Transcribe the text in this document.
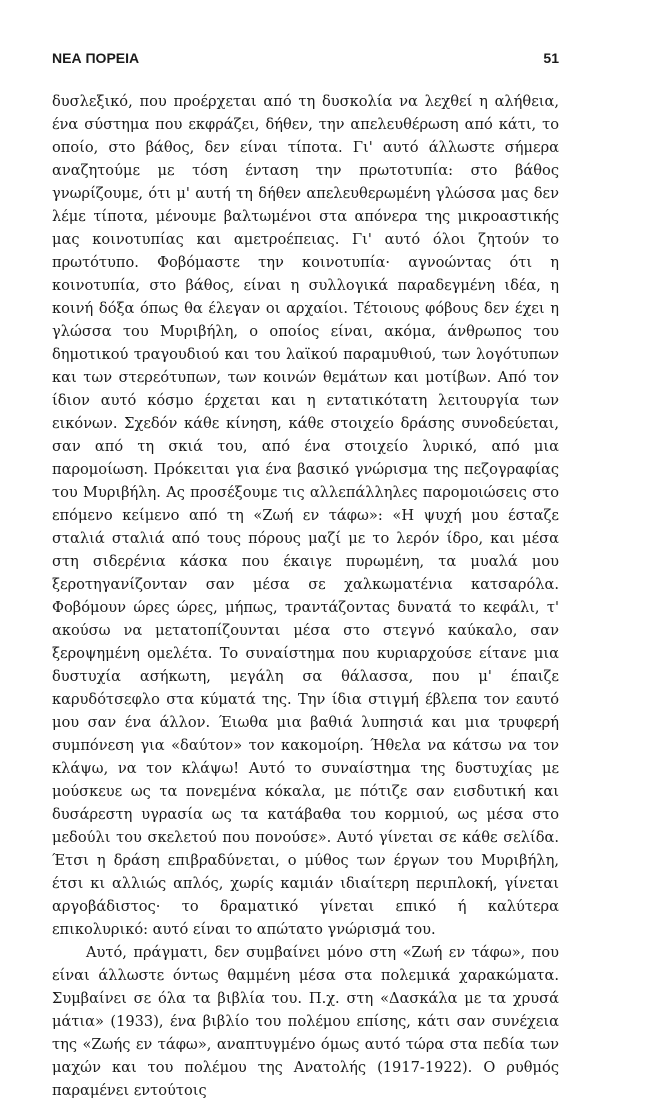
ΝΕΑ ΠΟΡΕΙΑ	51

δυσλεξικό, που προέρχεται από τη δυσκολία να λεχθεί η αλήθεια, ένα σύστημα που εκφράζει, δήθεν, την απελευθέρωση από κάτι, το οποίο, στο βάθος, δεν είναι τίποτα. Γι' αυτό άλλωστε σήμερα αναζητούμε με τόση ένταση την πρωτοτυπία: στο βάθος γνωρίζουμε, ότι μ' αυτή τη δήθεν απελευθερωμένη γλώσσα μας δεν λέμε τίποτα, μένουμε βαλτωμένοι στα απόνερα της μικροαστικής μας κοινοτυπίας και αμετροέπειας. Γι' αυτό όλοι ζητούν το πρωτότυπο. Φοβόμαστε την κοινοτυπία· αγνοώντας ότι η κοινοτυπία, στο βάθος, είναι η συλλογικά παραδεγμένη ιδέα, η κοινή δόξα όπως θα έλεγαν οι αρχαίοι. Τέτοιους φόβους δεν έχει η γλώσσα του Μυριβήλη, ο οποίος είναι, ακόμα, άνθρωπος του δημοτικού τραγουδιού και του λαϊκού παραμυθιού, των λογότυπων και των στερεότυπων, των κοινών θεμάτων και μοτίβων. Από τον ίδιον αυτό κόσμο έρχεται και η εντατικότατη λειτουργία των εικόνων. Σχεδόν κάθε κίνηση, κάθε στοιχείο δράσης συνοδεύεται, σαν από τη σκιά του, από ένα στοιχείο λυρικό, από μια παρομοίωση. Πρόκειται για ένα βασικό γνώρισμα της πεζογραφίας του Μυριβήλη. Ας προσέξουμε τις αλλεπάλληλες παρομοιώσεις στο επόμενο κείμενο από τη «Ζωή εν τάφω»: «Η ψυχή μου έσταζε σταλιά σταλιά από τους πόρους μαζί με το λερόν ίδρο, και μέσα στη σιδερένια κάσκα που έκαιγε πυρωμένη, τα μυαλά μου ξεροτηγανίζονταν σαν μέσα σε χαλκωματένια κατσαρόλα. Φοβόμουν ώρες ώρες, μήπως, τραντάζοντας δυνατά το κεφάλι, τ' ακούσω να μετατοπίζουνται μέσα στο στεγνό καύκαλο, σαν ξεροψημένη ομελέτα. Το συναίστημα που κυριαρχούσε είτανε μια δυστυχία ασήκωτη, μεγάλη σα θάλασσα, που μ' έπαιζε καρυδότσεφλο στα κύματά της. Την ίδια στιγμή έβλεπα τον εαυτό μου σαν ένα άλλον. Έιωθα μια βαθιά λυπησιά και μια τρυφερή συμπόνεση για «δαύτον» τον κακομοίρη. Ήθελα να κάτσω να τον κλάψω, να τον κλάψω! Αυτό το συναίστημα της δυστυχίας με μούσκευε ως τα πονεμένα κόκαλα, με πότιζε σαν εισδυτική και δυσάρεστη υγρασία ως τα κατάβαθα του κορμιού, ως μέσα στο μεδούλι του σκελετού που πονούσε». Αυτό γίνεται σε κάθε σελίδα. Έτσι η δράση επιβραδύνεται, ο μύθος των έργων του Μυριβήλη, έτσι κι αλλιώς απλός, χωρίς καμιάν ιδιαίτερη περιπλοκή, γίνεται αργοβάδιστος· το δραματικό γίνεται επικό ή καλύτερα επικολυρικό: αυτό είναι το απώτατο γνώρισμά του.

Αυτό, πράγματι, δεν συμβαίνει μόνο στη «Ζωή εν τάφω», που είναι άλλωστε όντως θαμμένη μέσα στα πολεμικά χαρακώματα. Συμβαίνει σε όλα τα βιβλία του. Π.χ. στη «Δασκάλα με τα χρυσά μάτια» (1933), ένα βιβλίο του πολέμου επίσης, κάτι σαν συνέχεια της «Ζωής εν τάφω», αναπτυγμένο όμως αυτό τώρα στα πεδία των μαχών και του πολέμου της Ανατολής (1917-1922). Ο ρυθμός παραμένει εντούτοις
